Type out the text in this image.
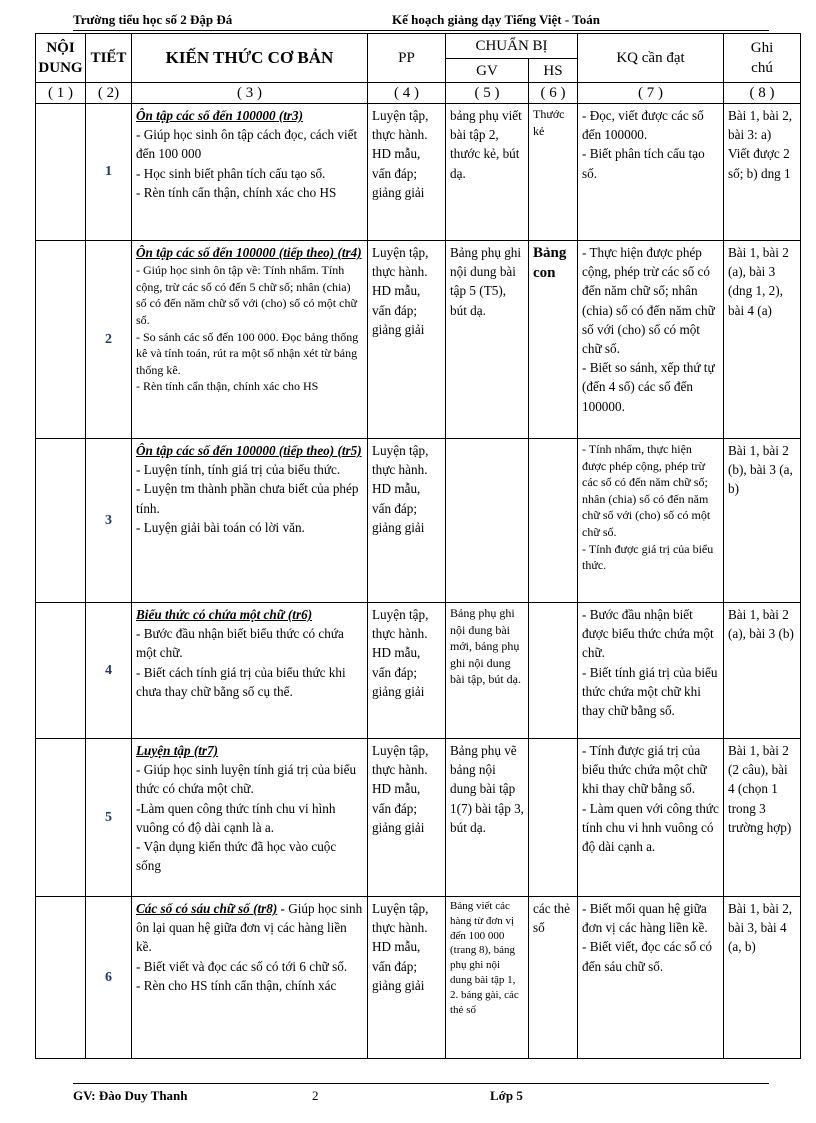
Trường tiểu học số 2 Đập Đá	Kế hoạch giảng dạy Tiếng Việt - Toán
NỘI
DUNG	TIẾT	KIẾN THỨC CƠ BẢN	PP	CHUẨN BỊ		KQ cần đạt	Ghi
chú

				GV	HS		
( 1 )	( 2)	( 3 )	( 4 )	( 5 )	( 6 )	( 7 )	( 8 )
	1	Ôn tập các số đến 100000 (tr3)
- Giúp học sinh ôn tập cách đọc, cách viết đến 100 000
- Học sinh biết phân tích cấu tạo số.
- Rèn tính cẩn thận, chính xác cho HS	Luyện tập, thực hành. HD mẫu, vấn đáp; giảng giải	bảng phụ viết bài tập 2, thước kẻ, bút dạ.	Thước kẻ	- Đọc, viết được các số đến 100000.
- Biết phân tích cấu tạo số.	Bài 1, bài 2, bài 3: a) Viết được 2 số; b) dng 1
	2	Ôn tập các số đến 100000 (tiếp theo) (tr4)
- Giúp học sinh ôn tập về: Tính nhẩm. Tính cộng, trừ các số có đến 5 chữ số; nhân (chia) số có đến năm chữ số với (cho) số có một chữ số.
- So sánh các số đến 100 000. Đọc bảng thống kê và tính toán, rút ra một số nhận xét từ bảng thống kê.
- Rèn tính cẩn thận, chính xác cho HS	Luyện tập, thực hành. HD mẫu, vấn đáp; giảng giải	Bảng phụ ghi nội dung bài tập 5 (T5), bút dạ.	Bảng con	- Thực hiện được phép cộng, phép trừ các số có đến năm chữ số; nhân (chia) số có đến năm chữ số với (cho) số có một chữ số.
- Biết so sánh, xếp thứ tự (đến 4 số) các số đến 100000.	Bài 1, bài 2 (a), bài 3 (dng 1, 2), bài 4 (a)
	3	Ôn tập các số đến 100000 (tiếp theo) (tr5)
- Luyện tính, tính giá trị của biểu thức.
- Luyện tm thành phần chưa biết của phép tính.
- Luyện giải bài toán có lời văn.	Luyện tập, thực hành. HD mẫu, vấn đáp; giảng giải			- Tính nhẩm, thực hiện được phép cộng, phép trừ các số có đến năm chữ số; nhân (chia) số có đến năm chữ số với (cho) số có một chữ số.
- Tính được giá trị của biểu thức.	Bài 1, bài 2 (b), bài 3 (a, b)
	4	Biểu thức có chứa một chữ (tr6)
- Bước đầu nhận biết biểu thức có chứa một chữ.
- Biết cách tính giá trị của biểu thức khi chưa thay chữ bằng số cụ thể.	Luyện tập, thực hành. HD mẫu, vấn đáp; giảng giải	Bảng phụ ghi nội dung bài mới, bảng phụ ghi nội dung bài tập, bút dạ.		- Bước đầu nhận biết được biểu thức chứa một chữ.
- Biết tính giá trị của biểu thức chứa một chữ khi thay chữ bằng số.	Bài 1, bài 2 (a), bài 3 (b)
	5	Luyện tập (tr7)
- Giúp học sinh luyện tính giá trị của biểu thức có chứa một chữ.
-Làm quen công thức tính chu vi hình vuông có độ dài cạnh là a.
- Vận dụng kiến thức đã học vào cuộc sống	Luyện tập, thực hành. HD mẫu, vấn đáp; giảng giải	Bảng phụ vẽ bảng nội dung bài tập 1(7) bài tập 3, bút dạ.		- Tính được giá trị của biểu thức chứa một chữ khi thay chữ bằng số.
- Làm quen với công thức tính chu vi hnh vuông có độ dài cạnh a.	Bài 1, bài 2 (2 câu), bài 4 (chọn 1 trong 3 trường hợp)
	6	Các số có sáu chữ số (tr8) - Giúp học sinh ôn lại quan hệ giữa đơn vị các hàng liền kề.
- Biết viết và đọc các số có tới 6 chữ số.
- Rèn cho HS tính cẩn thận, chính xác	Luyện tập, thực hành. HD mẫu, vấn đáp; giảng giải	Bảng viết các hàng từ đơn vị đến 100 000 (trang 8), bảng phụ ghi nội dung bài tập 1, 2. bảng gài, các thẻ số	các thẻ số	- Biết mối quan hệ giữa đơn vị các hàng liền kề.
- Biết viết, đọc các số có đến sáu chữ số.	Bài 1, bài 2, bài 3, bài 4 (a, b)
GV: Đào Duy Thanh	2	Lớp 5
